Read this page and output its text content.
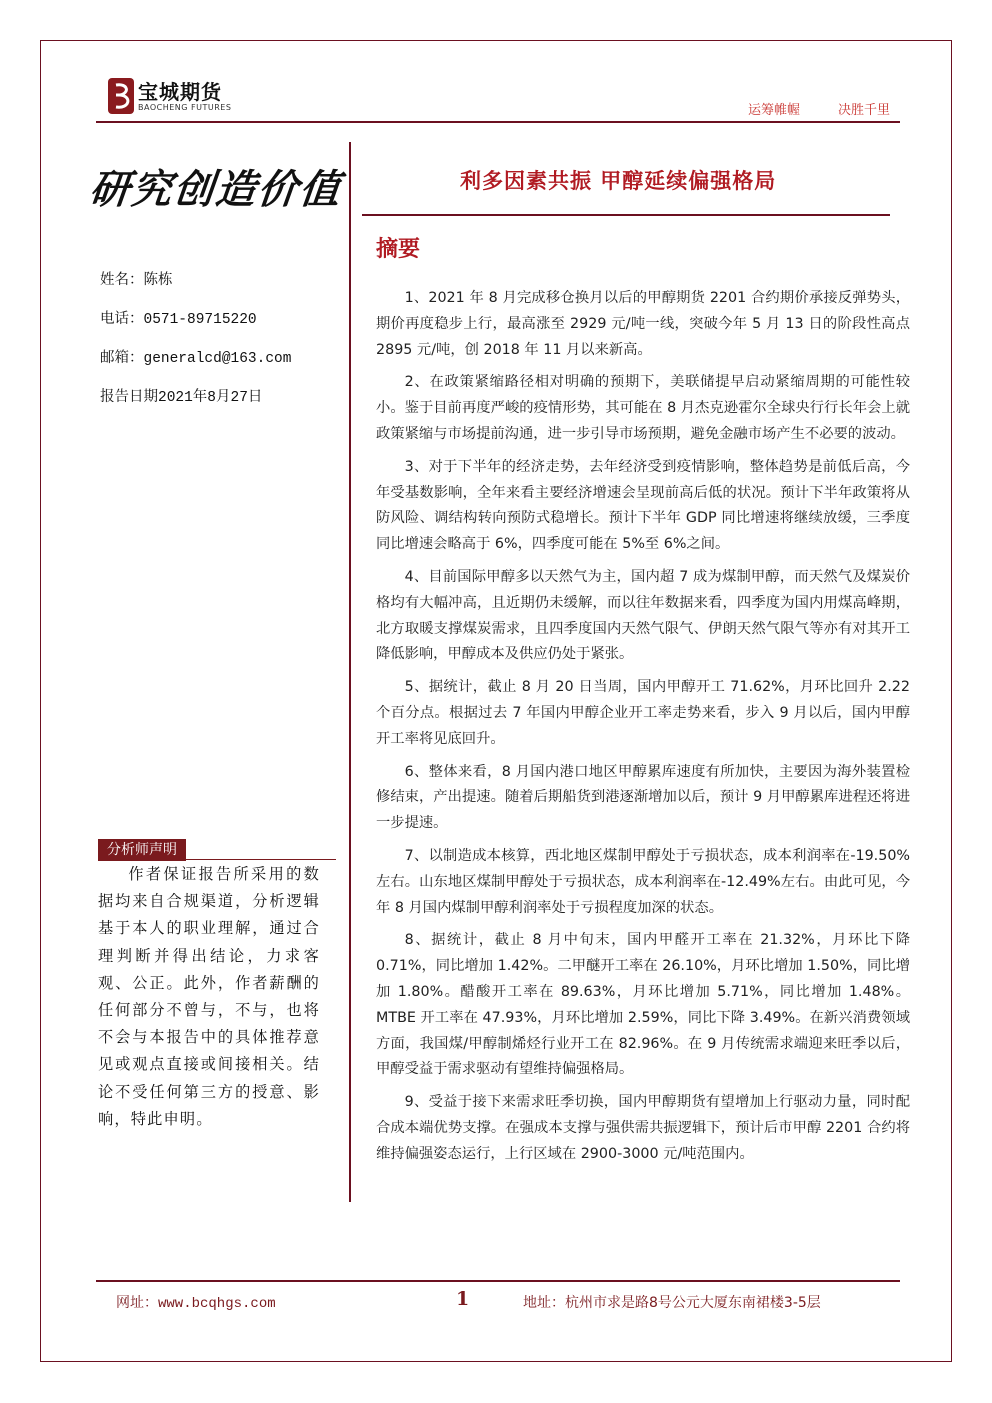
宝城期货
BAOCHENG FUTURES	运筹帷幄	决胜千里
研究创造价值	利多因素共振 甲醇延续偏强格局
摘要
姓名：陈栋
电话：0571-89715220
邮箱：generalcd@163.com
报告日期2021年8月27日
分析师声明
作者保证报告所采用的数据均来自合规渠道，分析逻辑基于本人的职业理解，通过合理判断并得出结论，力求客观、公正。此外，作者薪酬的任何部分不曾与，不与，也将不会与本报告中的具体推荐意见或观点直接或间接相关。结论不受任何第三方的授意、影响，特此申明。

1、2021 年 8 月完成移仓换月以后的甲醇期货 2201 合约期价承接反弹势头，期价再度稳步上行，最高涨至 2929 元/吨一线，突破今年 5 月 13 日的阶段性高点 2895 元/吨，创 2018 年 11 月以来新高。

2、在政策紧缩路径相对明确的预期下，美联储提早启动紧缩周期的可能性较小。鉴于目前再度严峻的疫情形势，其可能在 8 月杰克逊霍尔全球央行行长年会上就政策紧缩与市场提前沟通，进一步引导市场预期，避免金融市场产生不必要的波动。

3、对于下半年的经济走势，去年经济受到疫情影响，整体趋势是前低后高，今年受基数影响，全年来看主要经济增速会呈现前高后低的状况。预计下半年政策将从防风险、调结构转向预防式稳增长。预计下半年 GDP 同比增速将继续放缓，三季度同比增速会略高于 6%，四季度可能在 5%至 6%之间。

4、目前国际甲醇多以天然气为主，国内超 7 成为煤制甲醇，而天然气及煤炭价格均有大幅冲高，且近期仍未缓解，而以往年数据来看，四季度为国内用煤高峰期，北方取暖支撑煤炭需求，且四季度国内天然气限气、伊朗天然气限气等亦有对其开工降低影响，甲醇成本及供应仍处于紧张。

5、据统计，截止 8 月 20 日当周，国内甲醇开工 71.62%，月环比回升 2.22 个百分点。根据过去 7 年国内甲醇企业开工率走势来看，步入 9 月以后，国内甲醇开工率将见底回升。

6、整体来看，8 月国内港口地区甲醇累库速度有所加快，主要因为海外装置检修结束，产出提速。随着后期船货到港逐渐增加以后，预计 9 月甲醇累库进程还将进一步提速。

7、以制造成本核算，西北地区煤制甲醇处于亏损状态，成本利润率在-19.50%左右。山东地区煤制甲醇处于亏损状态，成本利润率在-12.49%左右。由此可见，今年 8 月国内煤制甲醇利润率处于亏损程度加深的状态。

8、据统计，截止 8 月中旬末，国内甲醛开工率在 21.32%，月环比下降 0.71%，同比增加 1.42%。二甲醚开工率在 26.10%，月环比增加 1.50%，同比增加 1.80%。醋酸开工率在 89.63%，月环比增加 5.71%，同比增加 1.48%。MTBE 开工率在 47.93%，月环比增加 2.59%，同比下降 3.49%。在新兴消费领域方面，我国煤/甲醇制烯烃行业开工在 82.96%。在 9 月传统需求端迎来旺季以后，甲醇受益于需求驱动有望维持偏强格局。

9、受益于接下来需求旺季切换，国内甲醇期货有望增加上行驱动力量，同时配合成本端优势支撑。在强成本支撑与强供需共振逻辑下，预计后市甲醇 2201 合约将维持偏强姿态运行，上行区域在 2900-3000 元/吨范围内。

网址：www.bcqhgs.com	1	地址：杭州市求是路8号公元大厦东南裙楼3-5层
